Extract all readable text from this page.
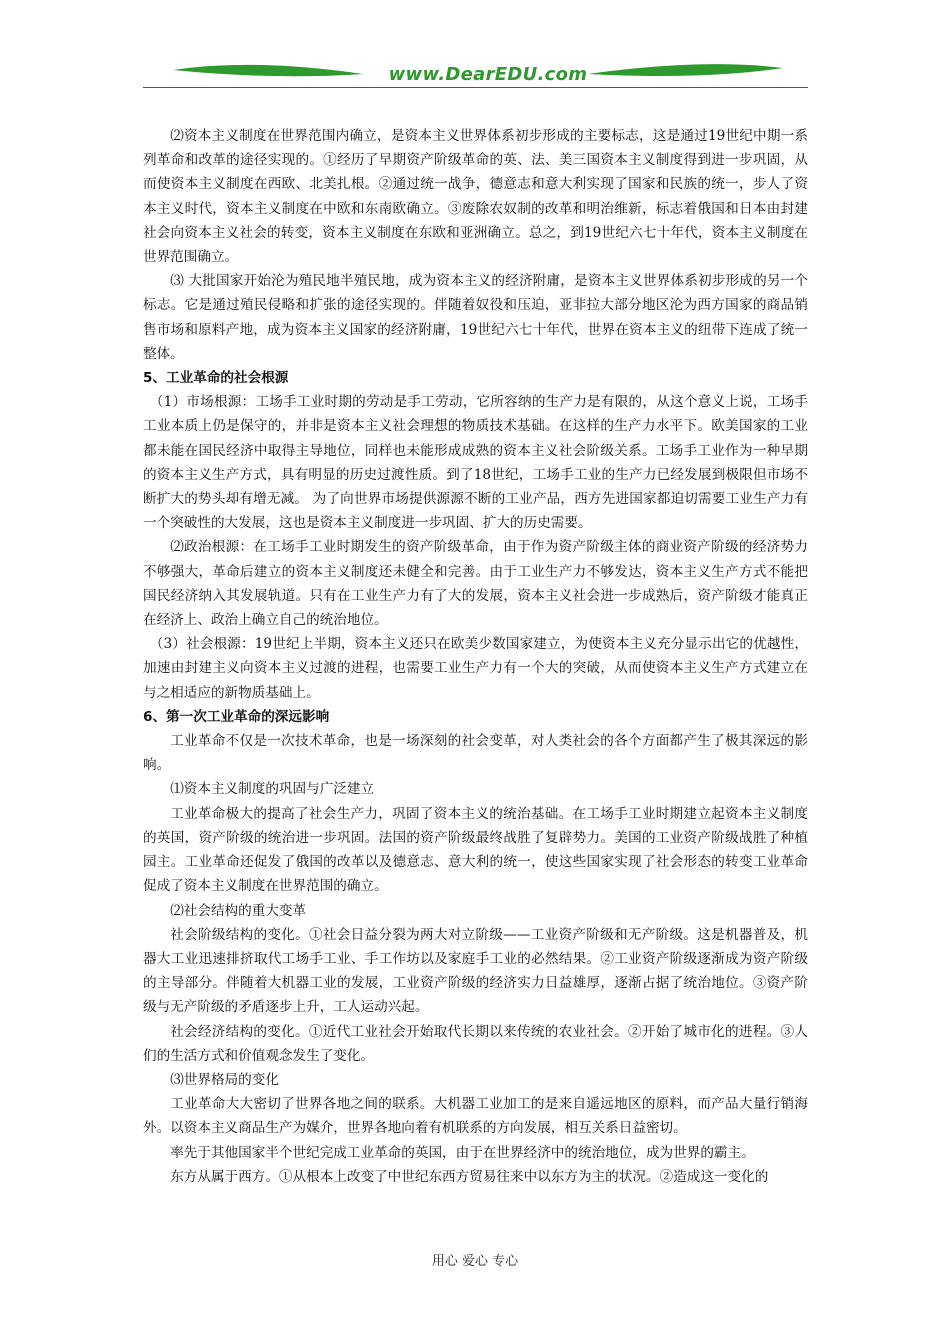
www.DearEDU.com

⑵资本主义制度在世界范围内确立，是资本主义世界体系初步形成的主要标志，这是通过19世纪中期一系列革命和改革的途径实现的。①经历了早期资产阶级革命的英、法、美三国资本主义制度得到进一步巩固，从而使资本主义制度在西欧、北美扎根。②通过统一战争，德意志和意大利实现了国家和民族的统一，步人了资本主义时代，资本主义制度在中欧和东南欧确立。③废除农奴制的改革和明治维新，标志着俄国和日本由封建社会向资本主义社会的转变，资本主义制度在东欧和亚洲确立。总之，到19世纪六七十年代，资本主义制度在世界范围确立。

⑶ 大批国家开始沦为殖民地半殖民地，成为资本主义的经济附庸，是资本主义世界体系初步形成的另一个标志。它是通过殖民侵略和扩张的途径实现的。伴随着奴役和压迫，亚非拉大部分地区沦为西方国家的商品销售市场和原料产地，成为资本主义国家的经济附庸，19世纪六七十年代，世界在资本主义的纽带下连成了统一整体。

5、工业革命的社会根源

（1）市场根源：工场手工业时期的劳动是手工劳动，它所容纳的生产力是有限的，从这个意义上说，工场手工业本质上仍是保守的，并非是资本主义社会理想的物质技术基础。在这样的生产力水平下。欧美国家的工业都未能在国民经济中取得主导地位，同样也未能形成成熟的资本主义社会阶级关系。工场手工业作为一种早期的资本主义生产方式，具有明显的历史过渡性质。到了18世纪，工场手工业的生产力已经发展到极限但市场不断扩大的势头却有增无减。 为了向世界市场提供源源不断的工业产品，西方先进国家都迫切需要工业生产力有一个突破性的大发展，这也是资本主义制度进一步巩固、扩大的历史需要。

⑵政治根源：在工场手工业时期发生的资产阶级革命，由于作为资产阶级主体的商业资产阶级的经济势力不够强大，革命后建立的资本主义制度还未健全和完善。由于工业生产力不够发达，资本主义生产方式不能把国民经济纳入其发展轨道。只有在工业生产力有了大的发展，资本主义社会进一步成熟后，资产阶级才能真正在经济上、政治上确立自己的统治地位。

（3）社会根源：19世纪上半期，资本主义还只在欧美少数国家建立，为使资本主义充分显示出它的优越性，加速由封建主义向资本主义过渡的进程，也需要工业生产力有一个大的突破，从而使资本主义生产方式建立在与之相适应的新物质基础上。

6、第一次工业革命的深远影响

工业革命不仅是一次技术革命，也是一场深刻的社会变革，对人类社会的各个方面都产生了极其深远的影响。

⑴资本主义制度的巩固与广泛建立

工业革命极大的提高了社会生产力，巩固了资本主义的统治基础。在工场手工业时期建立起资本主义制度的英国，资产阶级的统治进一步巩固。法国的资产阶级最终战胜了复辟势力。美国的工业资产阶级战胜了种植园主。工业革命还促发了俄国的改革以及德意志、意大利的统一，使这些国家实现了社会形态的转变工业革命促成了资本主义制度在世界范围的确立。

⑵社会结构的重大变革

社会阶级结构的变化。①社会日益分裂为两大对立阶级——工业资产阶级和无产阶级。这是机器普及，机器大工业迅速排挤取代工场手工业、手工作坊以及家庭手工业的必然结果。②工业资产阶级逐渐成为资产阶级的主导部分。伴随着大机器工业的发展，工业资产阶级的经济实力日益雄厚，逐渐占据了统治地位。③资产阶级与无产阶级的矛盾逐步上升，工人运动兴起。

社会经济结构的变化。①近代工业社会开始取代长期以来传统的农业社会。②开始了城市化的进程。③人们的生活方式和价值观念发生了变化。

⑶世界格局的变化

工业革命大大密切了世界各地之间的联系。大机器工业加工的是来自遥远地区的原料，而产品大量行销海外。以资本主义商品生产为媒介，世界各地向着有机联系的方向发展，相互关系日益密切。

率先于其他国家半个世纪完成工业革命的英国，由于在世界经济中的统治地位，成为世界的霸主。

东方从属于西方。①从根本上改变了中世纪东西方贸易往来中以东方为主的状况。②造成这一变化的

用心 爱心 专心
